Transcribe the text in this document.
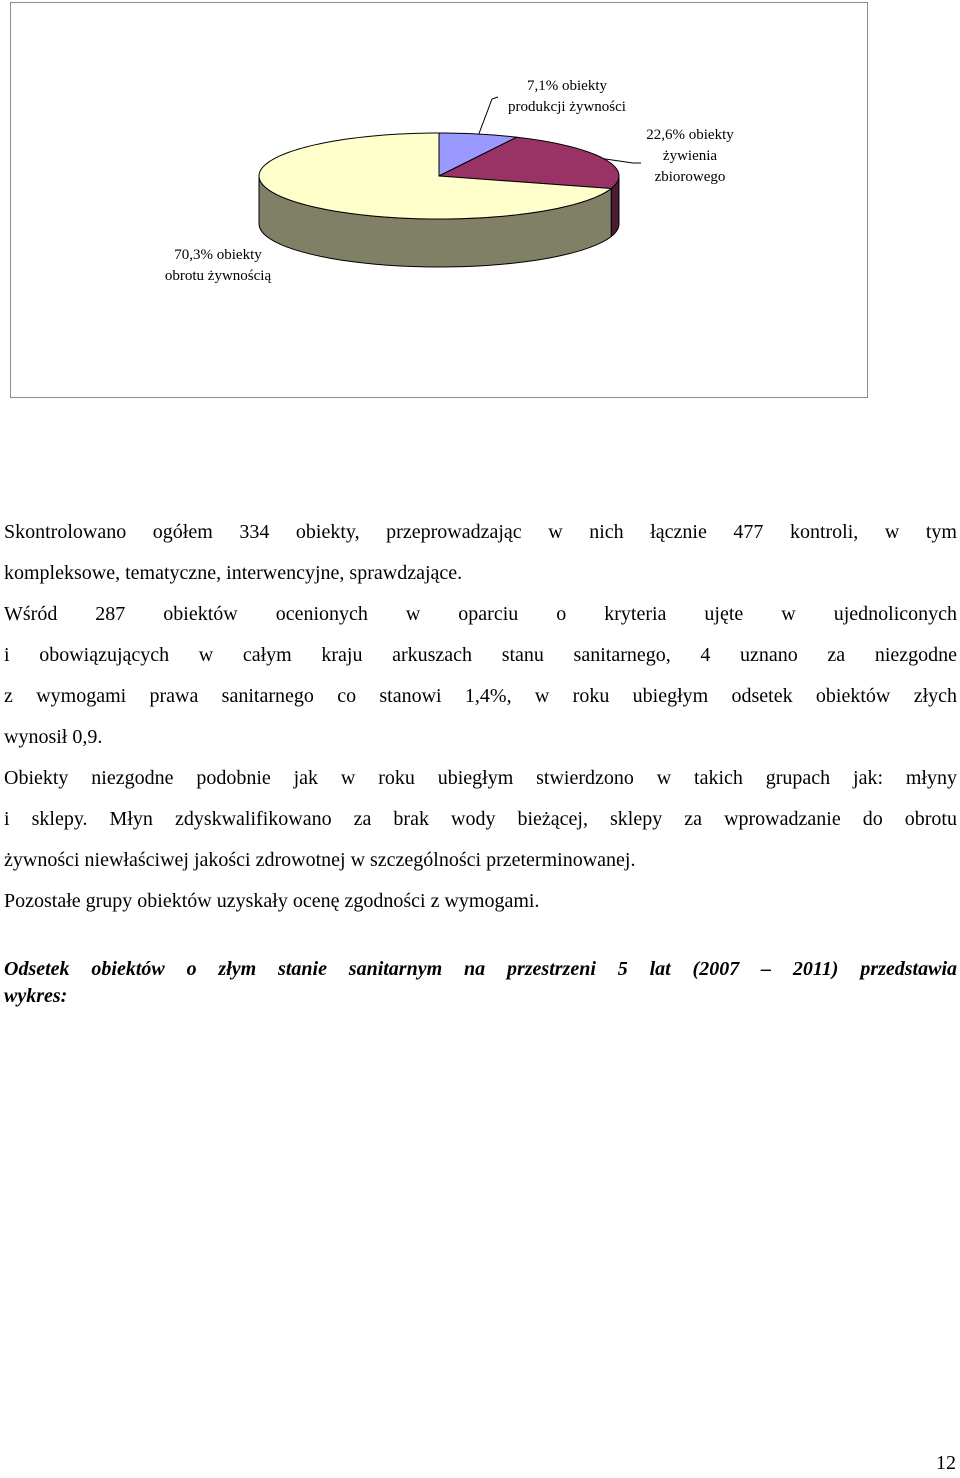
7,1% obiekty
produkcji żywności
22,6% obiekty
żywienia
zbiorowego
70,3% obiekty
obrotu żywnością
Skontrolowano ogółem 334 obiekty, przeprowadzając w nich łącznie 477 kontroli, w tym
kompleksowe, tematyczne, interwencyjne, sprawdzające.
Wśród 287 obiektów ocenionych w oparciu o kryteria ujęte w ujednoliconych
i obowiązujących w całym kraju arkuszach stanu sanitarnego, 4 uznano za niezgodne
z wymogami prawa sanitarnego co stanowi 1,4%, w roku ubiegłym odsetek obiektów złych
wynosił 0,9.
Obiekty niezgodne podobnie jak w roku ubiegłym stwierdzono w takich grupach jak: młyny
i sklepy. Młyn zdyskwalifikowano za brak wody bieżącej, sklepy za wprowadzanie do obrotu
żywności niewłaściwej jakości zdrowotnej w szczególności przeterminowanej.
Pozostałe grupy obiektów uzyskały ocenę zgodności z wymogami.
Odsetek obiektów o złym stanie sanitarnym na przestrzeni 5 lat (2007 – 2011) przedstawia
wykres:
12
